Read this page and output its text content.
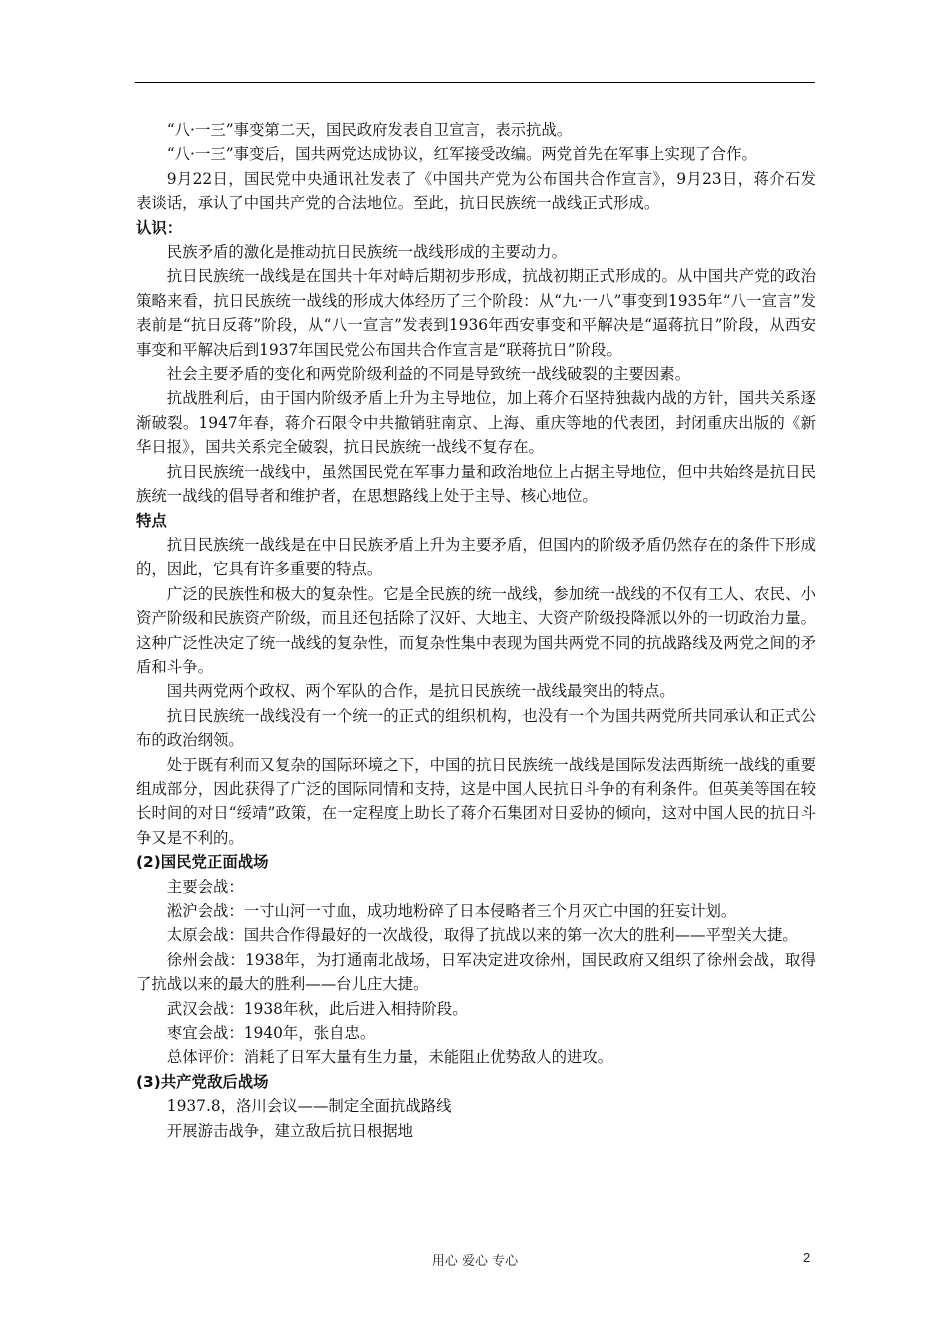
“八·一三”事变第二天，国民政府发表自卫宣言，表示抗战。

“八·一三”事变后，国共两党达成协议，红军接受改编。两党首先在军事上实现了合作。

9月22日，国民党中央通讯社发表了《中国共产党为公布国共合作宣言》，9月23日，蒋介石发表谈话，承认了中国共产党的合法地位。至此，抗日民族统一战线正式形成。

认识：

民族矛盾的激化是推动抗日民族统一战线形成的主要动力。

抗日民族统一战线是在国共十年对峙后期初步形成，抗战初期正式形成的。从中国共产党的政治策略来看，抗日民族统一战线的形成大体经历了三个阶段：从“九·一八”事变到1935年“八一宣言”发表前是“抗日反蒋”阶段，从“八一宣言”发表到1936年西安事变和平解决是“逼蒋抗日”阶段，从西安事变和平解决后到1937年国民党公布国共合作宣言是“联蒋抗日”阶段。

社会主要矛盾的变化和两党阶级利益的不同是导致统一战线破裂的主要因素。

抗战胜利后，由于国内阶级矛盾上升为主导地位，加上蒋介石坚持独裁内战的方针，国共关系逐渐破裂。1947年春，蒋介石限令中共撤销驻南京、上海、重庆等地的代表团，封闭重庆出版的《新华日报》，国共关系完全破裂，抗日民族统一战线不复存在。

抗日民族统一战线中，虽然国民党在军事力量和政治地位上占据主导地位，但中共始终是抗日民族统一战线的倡导者和维护者，在思想路线上处于主导、核心地位。

特点

抗日民族统一战线是在中日民族矛盾上升为主要矛盾，但国内的阶级矛盾仍然存在的条件下形成的，因此，它具有许多重要的特点。

广泛的民族性和极大的复杂性。它是全民族的统一战线，参加统一战线的不仅有工人、农民、小资产阶级和民族资产阶级，而且还包括除了汉奸、大地主、大资产阶级投降派以外的一切政治力量。这种广泛性决定了统一战线的复杂性，而复杂性集中表现为国共两党不同的抗战路线及两党之间的矛盾和斗争。

国共两党两个政权、两个军队的合作，是抗日民族统一战线最突出的特点。

抗日民族统一战线没有一个统一的正式的组织机构，也没有一个为国共两党所共同承认和正式公布的政治纲领。

处于既有利而又复杂的国际环境之下，中国的抗日民族统一战线是国际发法西斯统一战线的重要组成部分，因此获得了广泛的国际同情和支持，这是中国人民抗日斗争的有利条件。但英美等国在较长时间的对日“绥靖”政策，在一定程度上助长了蒋介石集团对日妥协的倾向，这对中国人民的抗日斗争又是不利的。

(2)国民党正面战场

主要会战：

淞沪会战：一寸山河一寸血，成功地粉碎了日本侵略者三个月灭亡中国的狂妄计划。

太原会战：国共合作得最好的一次战役，取得了抗战以来的第一次大的胜利——平型关大捷。

徐州会战：1938年，为打通南北战场，日军决定进攻徐州，国民政府又组织了徐州会战，取得了抗战以来的最大的胜利——台儿庄大捷。

武汉会战：1938年秋，此后进入相持阶段。

枣宜会战：1940年，张自忠。

总体评价：消耗了日军大量有生力量，未能阻止优势敌人的进攻。

(3)共产党敌后战场

1937.8，洛川会议——制定全面抗战路线

开展游击战争，建立敌后抗日根据地

用心 爱心 专心	2
